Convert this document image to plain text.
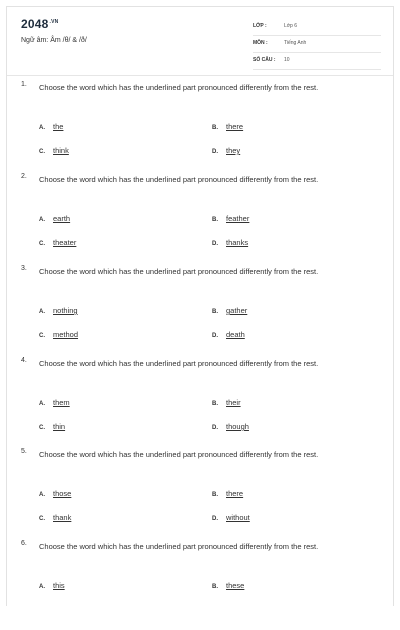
$2048^{.VN}$
Ngữ âm: Âm /θ/ & /ð/
LỚP :	Lớp 6
MÔN :	Tiếng Anh
SỐ CÂU : 10
1. Choose the word which has the underlined part pronounced differently from the rest.
A. the	B. there
C. think	D. they
2. Choose the word which has the underlined part pronounced differently from the rest.
A. earth	B. feather
C. theater	D. thanks
3. Choose the word which has the underlined part pronounced differently from the rest.
A. nothing	B. gather
C. method	D. death
4. Choose the word which has the underlined part pronounced differently from the rest.
A. them	B. their
C. thin	D. though
5. Choose the word which has the underlined part pronounced differently from the rest.
A. those	B. there
C. thank	D. without
6. Choose the word which has the underlined part pronounced differently from the rest.
A. this	B. these
